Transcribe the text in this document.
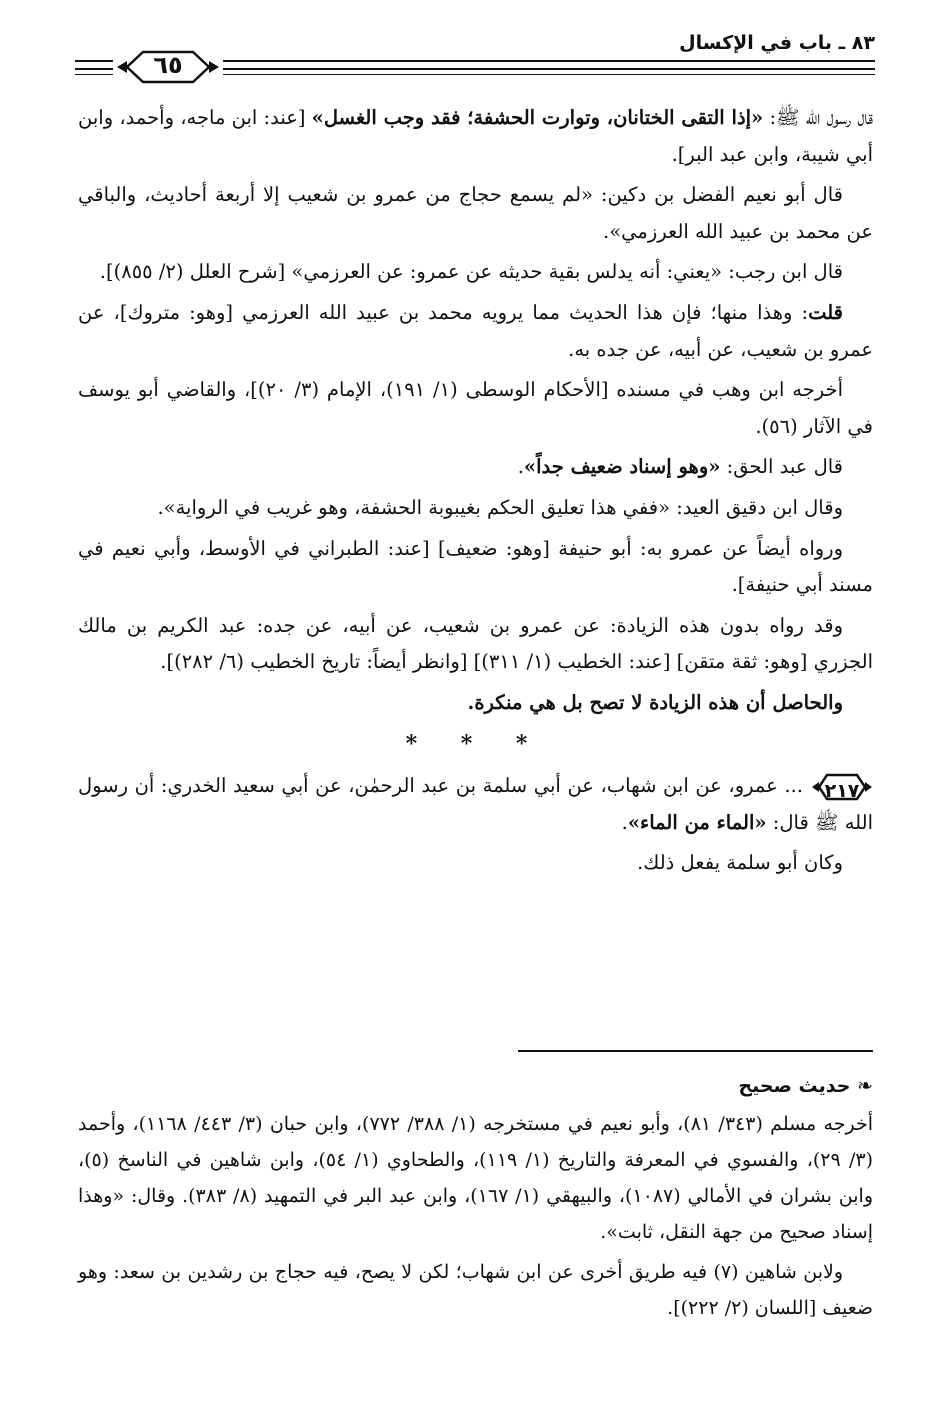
٦٥
٨٣ ـ باب في الإكسال

قال رسول الله ﷺ: «إذا التقى الختانان، وتوارت الحشفة؛ فقد وجب الغسل» [عند: ابن ماجه، وأحمد، وابن أبي شيبة، وابن عبد البر].

قال أبو نعيم الفضل بن دكين: «لم يسمع حجاج من عمرو بن شعيب إلا أربعة أحاديث، والباقي عن محمد بن عبيد الله العرزمي».

قال ابن رجب: «يعني: أنه يدلس بقية حديثه عن عمرو: عن العرزمي» [شرح العلل (٢/ ٨٥٥)].

قلت: وهذا منها؛ فإن هذا الحديث مما يرويه محمد بن عبيد الله العرزمي [وهو: متروك]، عن عمرو بن شعيب، عن أبيه، عن جده به.

أخرجه ابن وهب في مسنده [الأحكام الوسطى (١/ ١٩١)، الإمام (٣/ ٢٠)]، والقاضي أبو يوسف في الآثار (٥٦).

قال عبد الحق: «وهو إسناد ضعيف جداً».

وقال ابن دقيق العيد: «ففي هذا تعليق الحكم بغيبوبة الحشفة، وهو غريب في الرواية».

ورواه أيضاً عن عمرو به: أبو حنيفة [وهو: ضعيف] [عند: الطبراني في الأوسط، وأبي نعيم في مسند أبي حنيفة].

وقد رواه بدون هذه الزيادة: عن عمرو بن شعيب، عن أبيه، عن جده: عبد الكريم بن مالك الجزري [وهو: ثقة متقن] [عند: الخطيب (١/ ٣١١)] [وانظر أيضاً: تاريخ الخطيب (٦/ ٢٨٢)].

والحاصل أن هذه الزيادة لا تصح بل هي منكرة.

* * *

٢١٧
... عمرو، عن ابن شهاب، عن أبي سلمة بن عبد الرحمٰن، عن أبي سعيد الخدري: أن رسول الله ﷺ قال: «الماء من الماء».

وكان أبو سلمة يفعل ذلك.

❧ حديث صحيح

أخرجه مسلم (٣٤٣/ ٨١)، وأبو نعيم في مستخرجه (١/ ٣٨٨/ ٧٧٢)، وابن حبان (٣/ ٤٤٣/ ١١٦٨)، وأحمد (٣/ ٢٩)، والفسوي في المعرفة والتاريخ (١/ ١١٩)، والطحاوي (١/ ٥٤)، وابن شاهين في الناسخ (٥)، وابن بشران في الأمالي (١٠٨٧)، والبيهقي (١/ ١٦٧)، وابن عبد البر في التمهيد (٨/ ٣٨٣). وقال: «وهذا إسناد صحيح من جهة النقل، ثابت».

ولابن شاهين (٧) فيه طريق أخرى عن ابن شهاب؛ لكن لا يصح، فيه حجاج بن رشدين بن سعد: وهو ضعيف [اللسان (٢/ ٢٢٢)].
